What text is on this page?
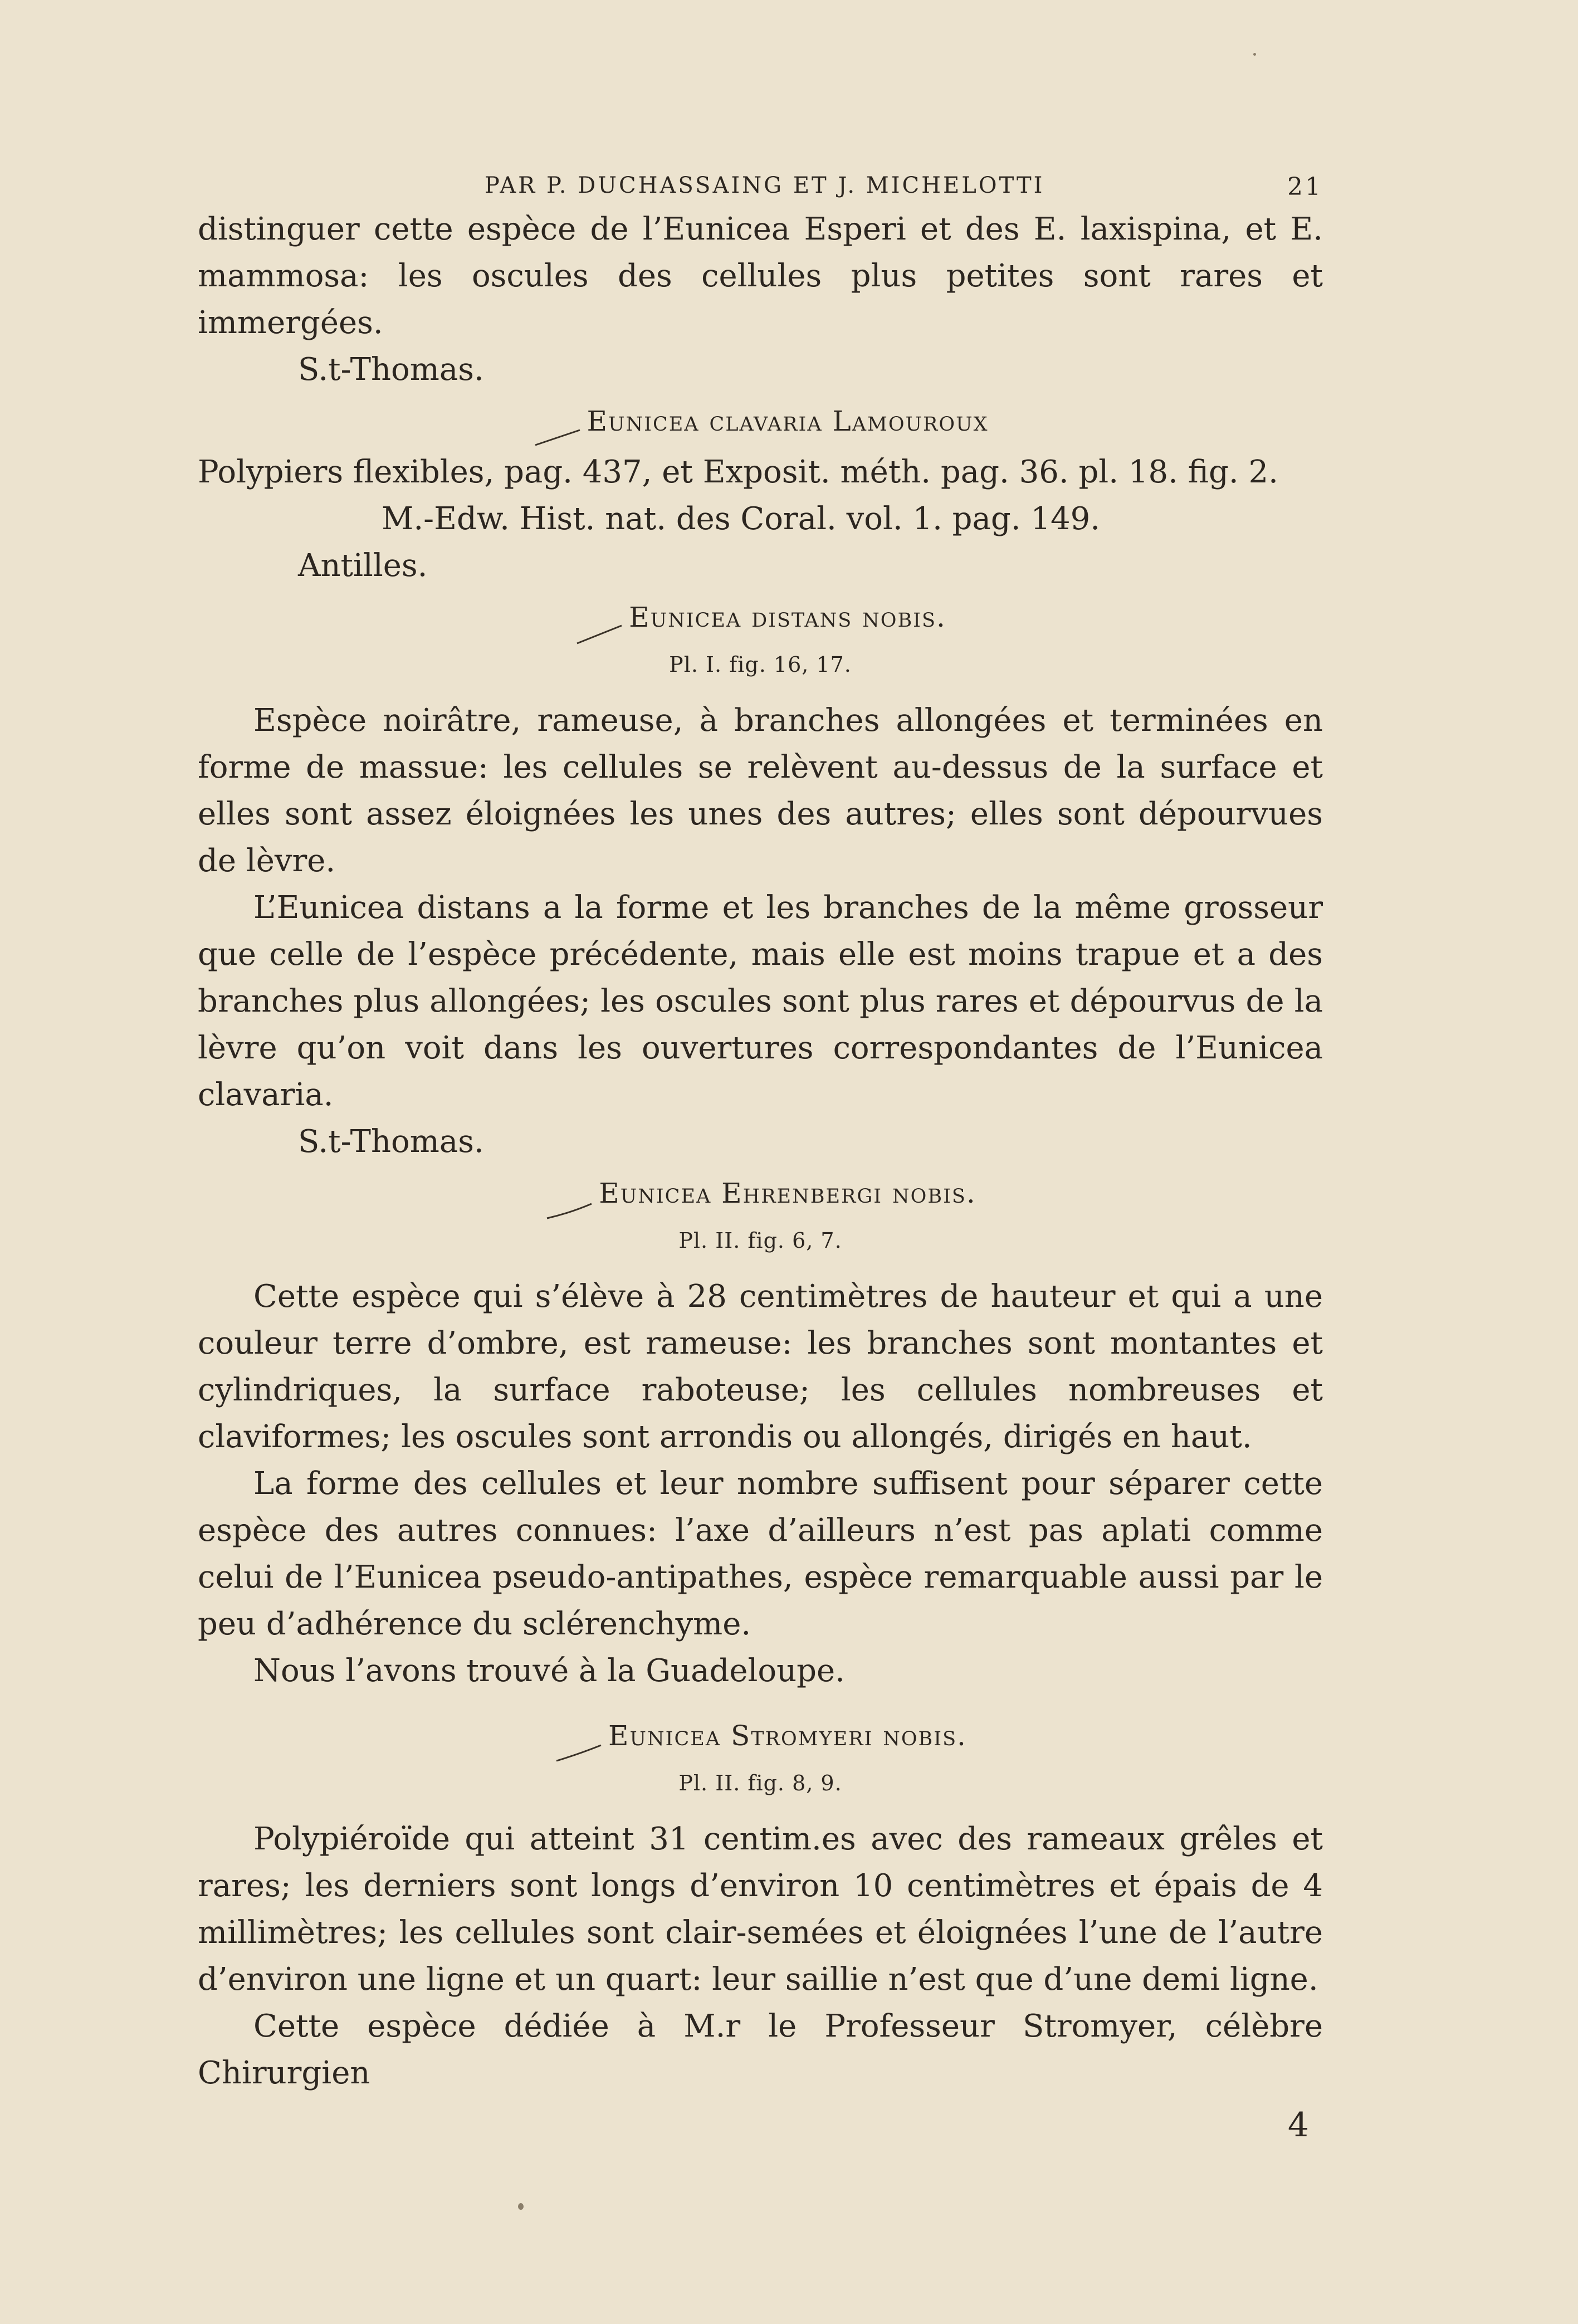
PAR P. DUCHASSAING ET J. MICHELOTTI	21

distinguer cette espèce de l’Eunicea Esperi et des E. laxispina, et E. mammosa: les oscules des cellules plus petites sont rares et immergées.

S.t-Thomas.

Eunicea clavaria Lamouroux

Polypiers flexibles, pag. 437, et Exposit. méth. pag. 36. pl. 18. fig. 2.

M.-Edw. Hist. nat. des Coral. vol. 1. pag. 149.

Antilles.

Eunicea distans nobis.

Pl. I. fig. 16, 17.

Espèce noirâtre, rameuse, à branches allongées et terminées en forme de massue: les cellules se relèvent au-dessus de la surface et elles sont assez éloignées les unes des autres; elles sont dépourvues de lèvre.

L’Eunicea distans a la forme et les branches de la même grosseur que celle de l’espèce précédente, mais elle est moins trapue et a des branches plus allongées; les oscules sont plus rares et dépourvus de la lèvre qu’on voit dans les ouvertures correspondantes de l’Eunicea clavaria.

S.t-Thomas.

Eunicea Ehrenbergi nobis.

Pl. II. fig. 6, 7.

Cette espèce qui s’élève à 28 centimètres de hauteur et qui a une couleur terre d’ombre, est rameuse: les branches sont montantes et cylindriques, la surface raboteuse; les cellules nombreuses et claviformes; les oscules sont arrondis ou allongés, dirigés en haut.

La forme des cellules et leur nombre suffisent pour séparer cette espèce des autres connues: l’axe d’ailleurs n’est pas aplati comme celui de l’Eunicea pseudo-antipathes, espèce remarquable aussi par le peu d’adhérence du sclérenchyme.

Nous l’avons trouvé à la Guadeloupe.

Eunicea Stromyeri nobis.

Pl. II. fig. 8, 9.

Polypiéroïde qui atteint 31 centim.es avec des rameaux grêles et rares; les derniers sont longs d’environ 10 centimètres et épais de 4 millimètres; les cellules sont clair-semées et éloignées l’une de l’autre d’environ une ligne et un quart: leur saillie n’est que d’une demi ligne.

Cette espèce dédiée à M.r le Professeur Stromyer, célèbre Chirurgien

4
